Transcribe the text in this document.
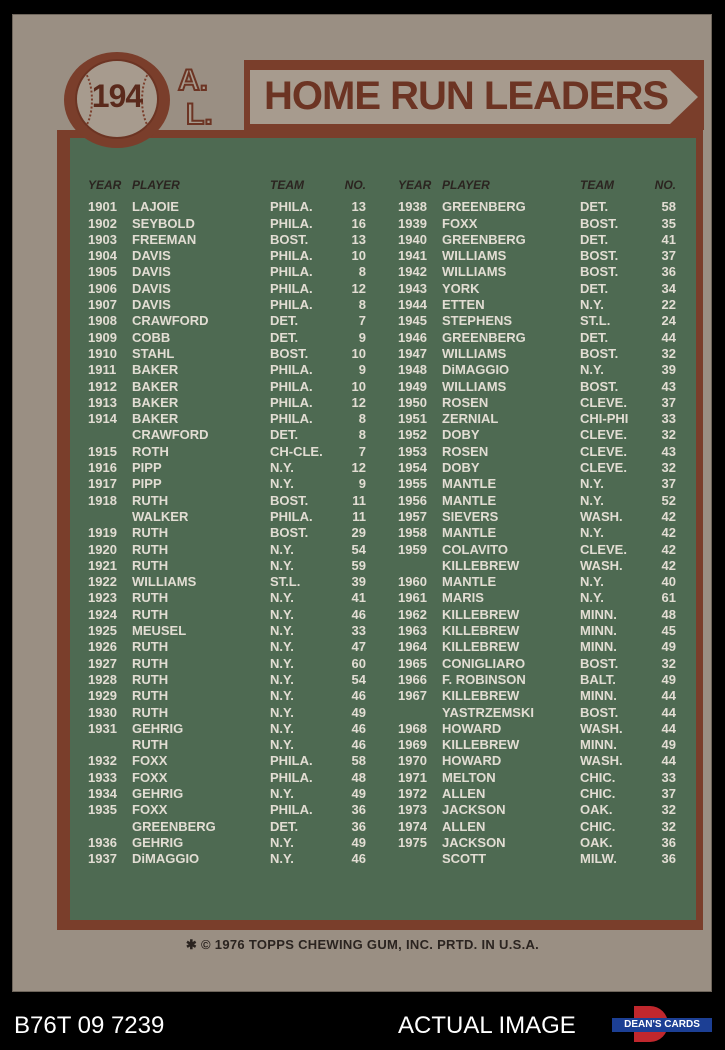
194	A.
L. HOME RUN LEADERS
YEAR PLAYER	TEAM	NO.
1901	LAJOIE	PHILA.	13
1902	SEYBOLD	PHILA.	16
1903	FREEMAN	BOST.	13
1904	DAVIS	PHILA.	10
1905	DAVIS	PHILA.	8
1906	DAVIS	PHILA.	12
1907	DAVIS	PHILA.	8
1908	CRAWFORD	DET.	7
1909	COBB	DET.	9
1910	STAHL	BOST.	10
1911	BAKER	PHILA.	9
1912	BAKER	PHILA.	10
1913	BAKER	PHILA.	12
1914	BAKER	PHILA.	8
CRAWFORD	DET.	8
1915	ROTH	CH-CLE.	7
1916	PIPP	N.Y.	12
1917	PIPP	N.Y.	9
1918	RUTH	BOST.	11
WALKER	PHILA.	11
1919	RUTH	BOST.	29
1920	RUTH	N.Y.	54
1921	RUTH	N.Y.	59
1922	WILLIAMS	ST.L.	39
1923	RUTH	N.Y.	41
1924	RUTH	N.Y.	46
1925	MEUSEL	N.Y.	33
1926	RUTH	N.Y.	47
1927	RUTH	N.Y.	60
1928	RUTH	N.Y.	54
1929	RUTH	N.Y.	46
1930	RUTH	N.Y.	49
1931	GEHRIG	N.Y.	46
RUTH	N.Y.	46
1932	FOXX	PHILA.	58
1933	FOXX	PHILA.	48
1934	GEHRIG	N.Y.	49
1935	FOXX	PHILA.	36
GREENBERG	DET.	36
1936	GEHRIG	N.Y.	49
1937	DiMAGGIO	N.Y.	46
YEAR PLAYER	TEAM	NO.
1938	GREENBERG	DET.	58
1939	FOXX	BOST.	35
1940	GREENBERG	DET.	41
1941	WILLIAMS	BOST.	37
1942	WILLIAMS	BOST.	36
1943	YORK	DET.	34
1944	ETTEN	N.Y.	22
1945	STEPHENS	ST.L.	24
1946	GREENBERG	DET.	44
1947	WILLIAMS	BOST.	32
1948	DiMAGGIO	N.Y.	39
1949	WILLIAMS	BOST.	43
1950	ROSEN	CLEVE.	37
1951	ZERNIAL	CHI-PHI	33
1952	DOBY	CLEVE.	32
1953	ROSEN	CLEVE.	43
1954	DOBY	CLEVE.	32
1955	MANTLE	N.Y.	37
1956	MANTLE	N.Y.	52
1957	SIEVERS	WASH.	42
1958	MANTLE	N.Y.	42
1959	COLAVITO	CLEVE.	42
KILLEBREW	WASH.	42
1960	MANTLE	N.Y.	40
1961	MARIS	N.Y.	61
1962	KILLEBREW	MINN.	48
1963	KILLEBREW	MINN.	45
1964	KILLEBREW	MINN.	49
1965	CONIGLIARO	BOST.	32
1966	F. ROBINSON	BALT.	49
1967	KILLEBREW	MINN.	44
YASTRZEMSKI	BOST.	44
1968	HOWARD	WASH.	44
1969	KILLEBREW	MINN.	49
1970	HOWARD	WASH.	44
1971	MELTON	CHIC.	33
1972	ALLEN	CHIC.	37
1973	JACKSON	OAK.	32
1974	ALLEN	CHIC.	32
1975	JACKSON	OAK.	36
SCOTT	MILW.	36
✱ © 1976 TOPPS CHEWING GUM, INC. PRTD. IN U.S.A.
B76T 09 7239	ACTUAL IMAGE	DEAN'S CARDS
